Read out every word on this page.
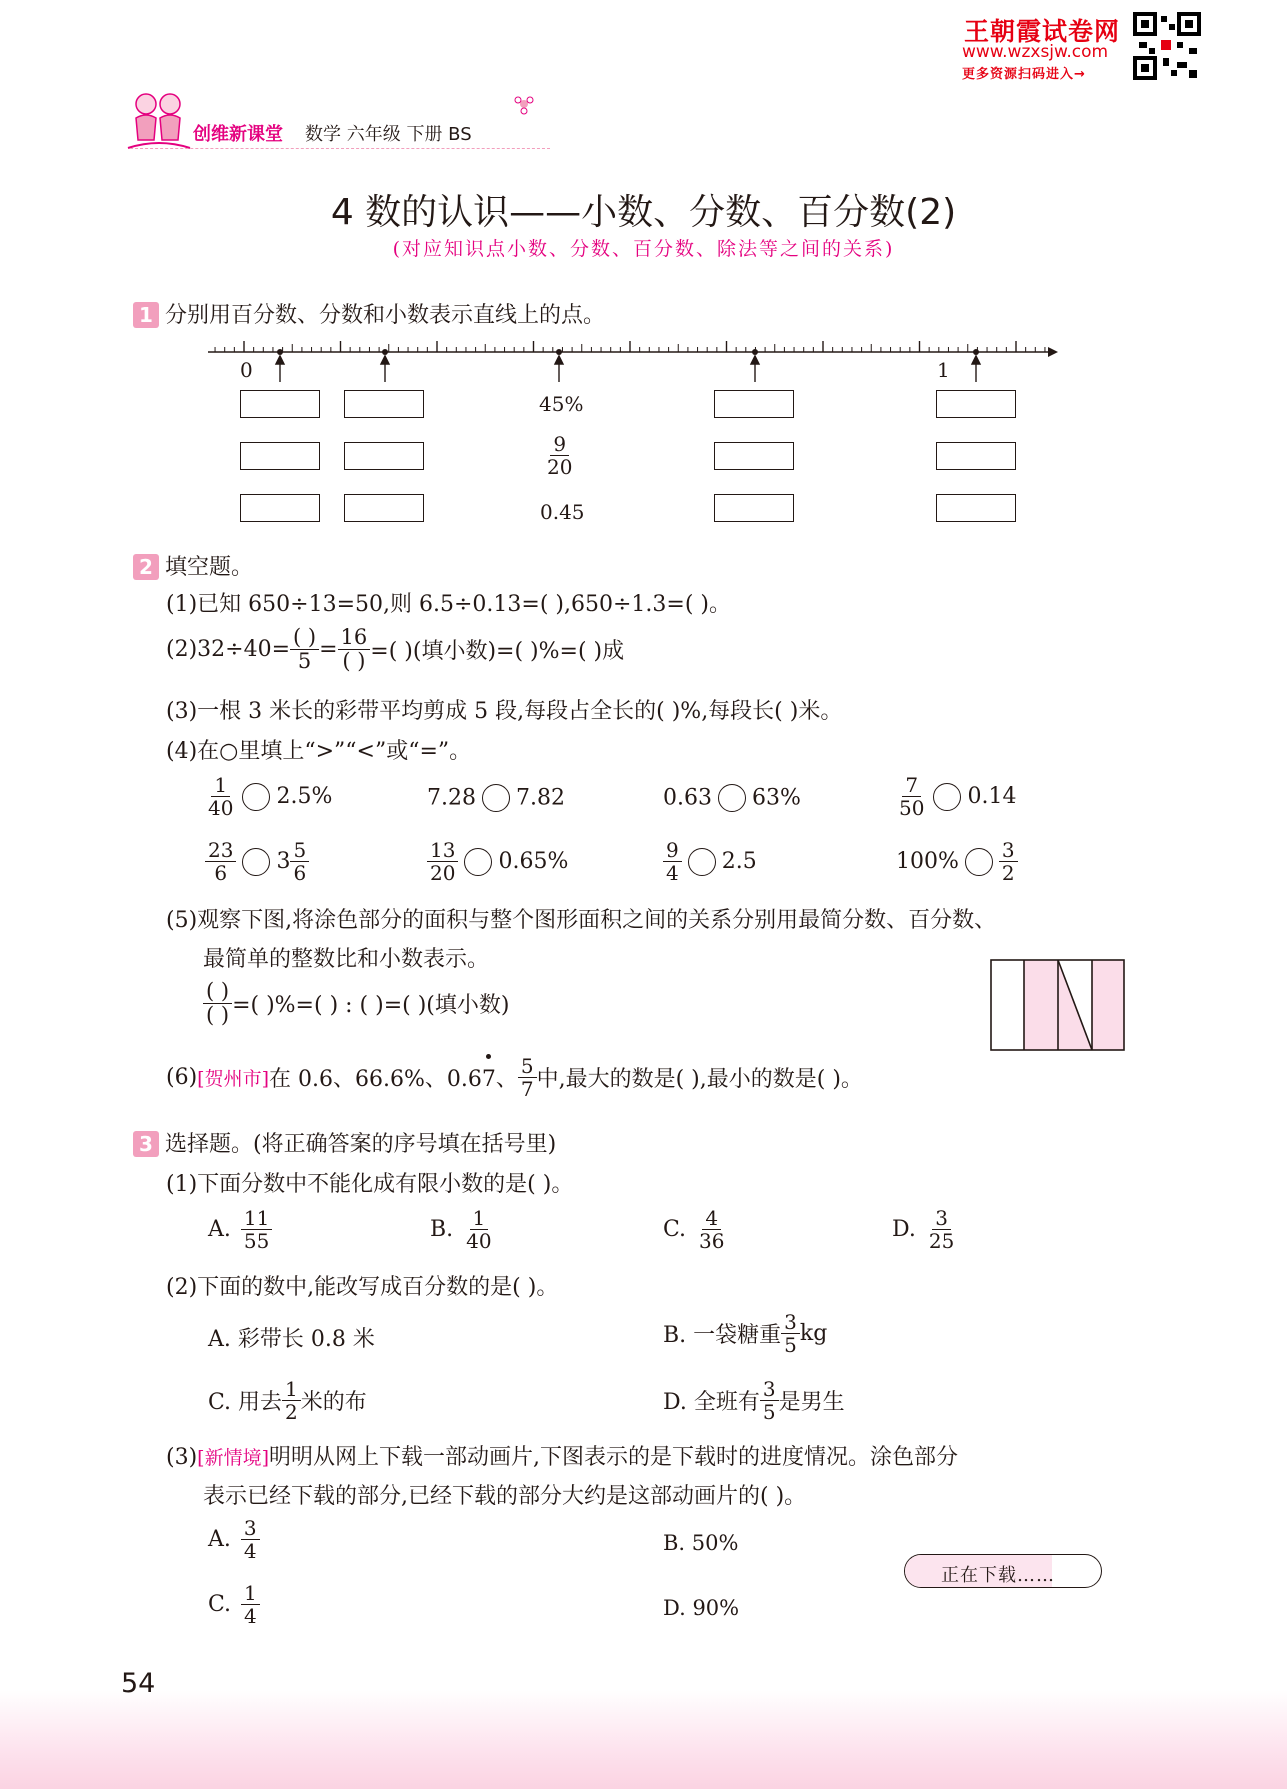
王朝霞试卷网
www.wzxsjw.com
更多资源扫码进入→
创维新课堂 数学 六年级 下册 BS
4 数的认识——小数、分数、百分数(2)
(对应知识点小数、分数、百分数、除法等之间的关系)
1 分别用百分数、分数和小数表示直线上的点。
0	1
45%
$\frac{9}{20}$
0.45
2 填空题。
(1)已知 650÷13=50,则 6.5÷0.13=( ),650÷1.3=( )。
(2)32÷40= ( )
5 = 16
( ) =( )(填小数)=( )%=( )成
(3)一根 3 米长的彩带平均剪成 5 段,每段占全长的( )%,每段长( )米。
(4)在○里填上“>”“<”或“=”。
$\frac{1}{40} 2.5\%$	7.28 7.82	0.63 63%	$\frac{7}{50} 0.14$
$\frac{23}{6} 3 \frac{5}{6}$	$\frac{13}{20} 0.65\%$	$\frac{9}{4} 2.5$	$100\% \frac{3}{2}$
(5)观察下图,将涂色部分的面积与整个图形面积之间的关系分别用最简分数、百分数、
最简单的整数比和小数表示。
( )
( ) =( )%=( ) : ( )=( )(填小数)
(6)[贺州市]在 0.6、66.6%、0.67、 $\frac{5}{7}$ 中,最大的数是( ),最小的数是( )。
3 选择题。(将正确答案的序号填在括号里)
(1)下面分数中不能化成有限小数的是( )。
A. $\frac{11}{55}$	B. $\frac{1}{40}$	C. $\frac{4}{36}$	D. $\frac{3}{25}$
(2)下面的数中,能改写成百分数的是( )。
A. 彩带长 0.8 米	B. 一袋糖重 $\frac{3}{5}$ kg
C. 用去 $\frac{1}{2}$ 米的布	D. 全班有 $\frac{3}{5}$ 是男生
(3)[新情境]明明从网上下载一部动画片,下图表示的是下载时的进度情况。涂色部分
表示已经下载的部分,已经下载的部分大约是这部动画片的( )。
A. $\frac{3}{4}$	B. 50%
C. $\frac{1}{4}$	D. 90%
正在下载……
54
